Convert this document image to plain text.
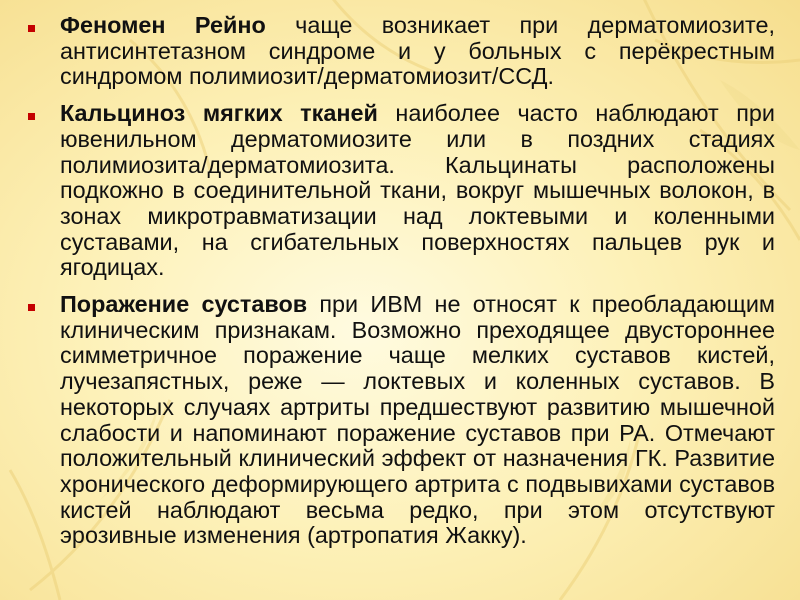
Феномен Рейно чаще возникает при дерматомиозите, антисинтетазном синдроме и у больных с перёкрестным синдромом полимиозит/дерматомиозит/ССД.
Кальциноз мягких тканей наиболее часто наблюдают при ювенильном дерматомиозите или в поздних стадиях полимиозита/дерматомиозита. Кальцинаты расположены подкожно в соединительной ткани, вокруг мышечных волокон, в зонах микротравматизации над локтевыми и коленными суставами, на сгибательных поверхностях пальцев рук и ягодицах.
Поражение суставов при ИВМ не относят к преобладающим клиническим признакам. Возможно преходящее двустороннее симметричное поражение чаще мелких суставов кистей, лучезапястных, реже — локтевых и коленных суставов. В некоторых случаях артриты предшествуют развитию мышечной слабости и напоминают поражение суставов при РА. Отмечают положительный клинический эффект от назначения ГК. Развитие хронического деформирующего артрита с подвывихами суставов кистей наблюдают весьма редко, при этом отсутствуют эрозивные изменения (артропатия Жакку).
